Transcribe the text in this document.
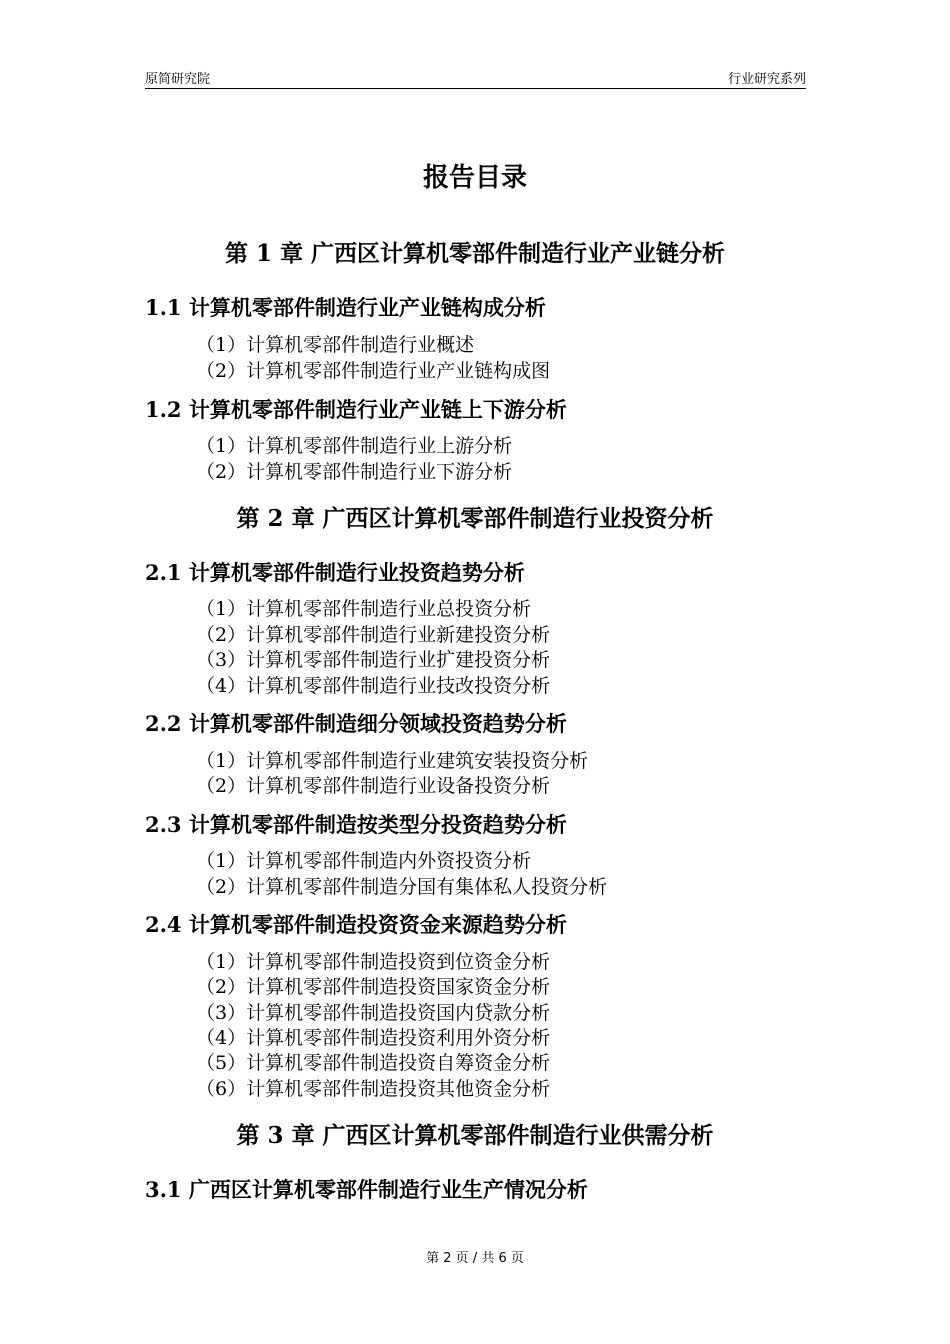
原简研究院	行业研究系列
报告目录
第 1 章 广西区计算机零部件制造行业产业链分析
1.1 计算机零部件制造行业产业链构成分析
（1）计算机零部件制造行业概述
（2）计算机零部件制造行业产业链构成图
1.2 计算机零部件制造行业产业链上下游分析
（1）计算机零部件制造行业上游分析
（2）计算机零部件制造行业下游分析
第 2 章 广西区计算机零部件制造行业投资分析
2.1 计算机零部件制造行业投资趋势分析
（1）计算机零部件制造行业总投资分析
（2）计算机零部件制造行业新建投资分析
（3）计算机零部件制造行业扩建投资分析
（4）计算机零部件制造行业技改投资分析
2.2 计算机零部件制造细分领域投资趋势分析
（1）计算机零部件制造行业建筑安装投资分析
（2）计算机零部件制造行业设备投资分析
2.3 计算机零部件制造按类型分投资趋势分析
（1）计算机零部件制造内外资投资分析
（2）计算机零部件制造分国有集体私人投资分析
2.4 计算机零部件制造投资资金来源趋势分析
（1）计算机零部件制造投资到位资金分析
（2）计算机零部件制造投资国家资金分析
（3）计算机零部件制造投资国内贷款分析
（4）计算机零部件制造投资利用外资分析
（5）计算机零部件制造投资自筹资金分析
（6）计算机零部件制造投资其他资金分析
第 3 章 广西区计算机零部件制造行业供需分析
3.1 广西区计算机零部件制造行业生产情况分析
第 2 页 / 共 6 页
